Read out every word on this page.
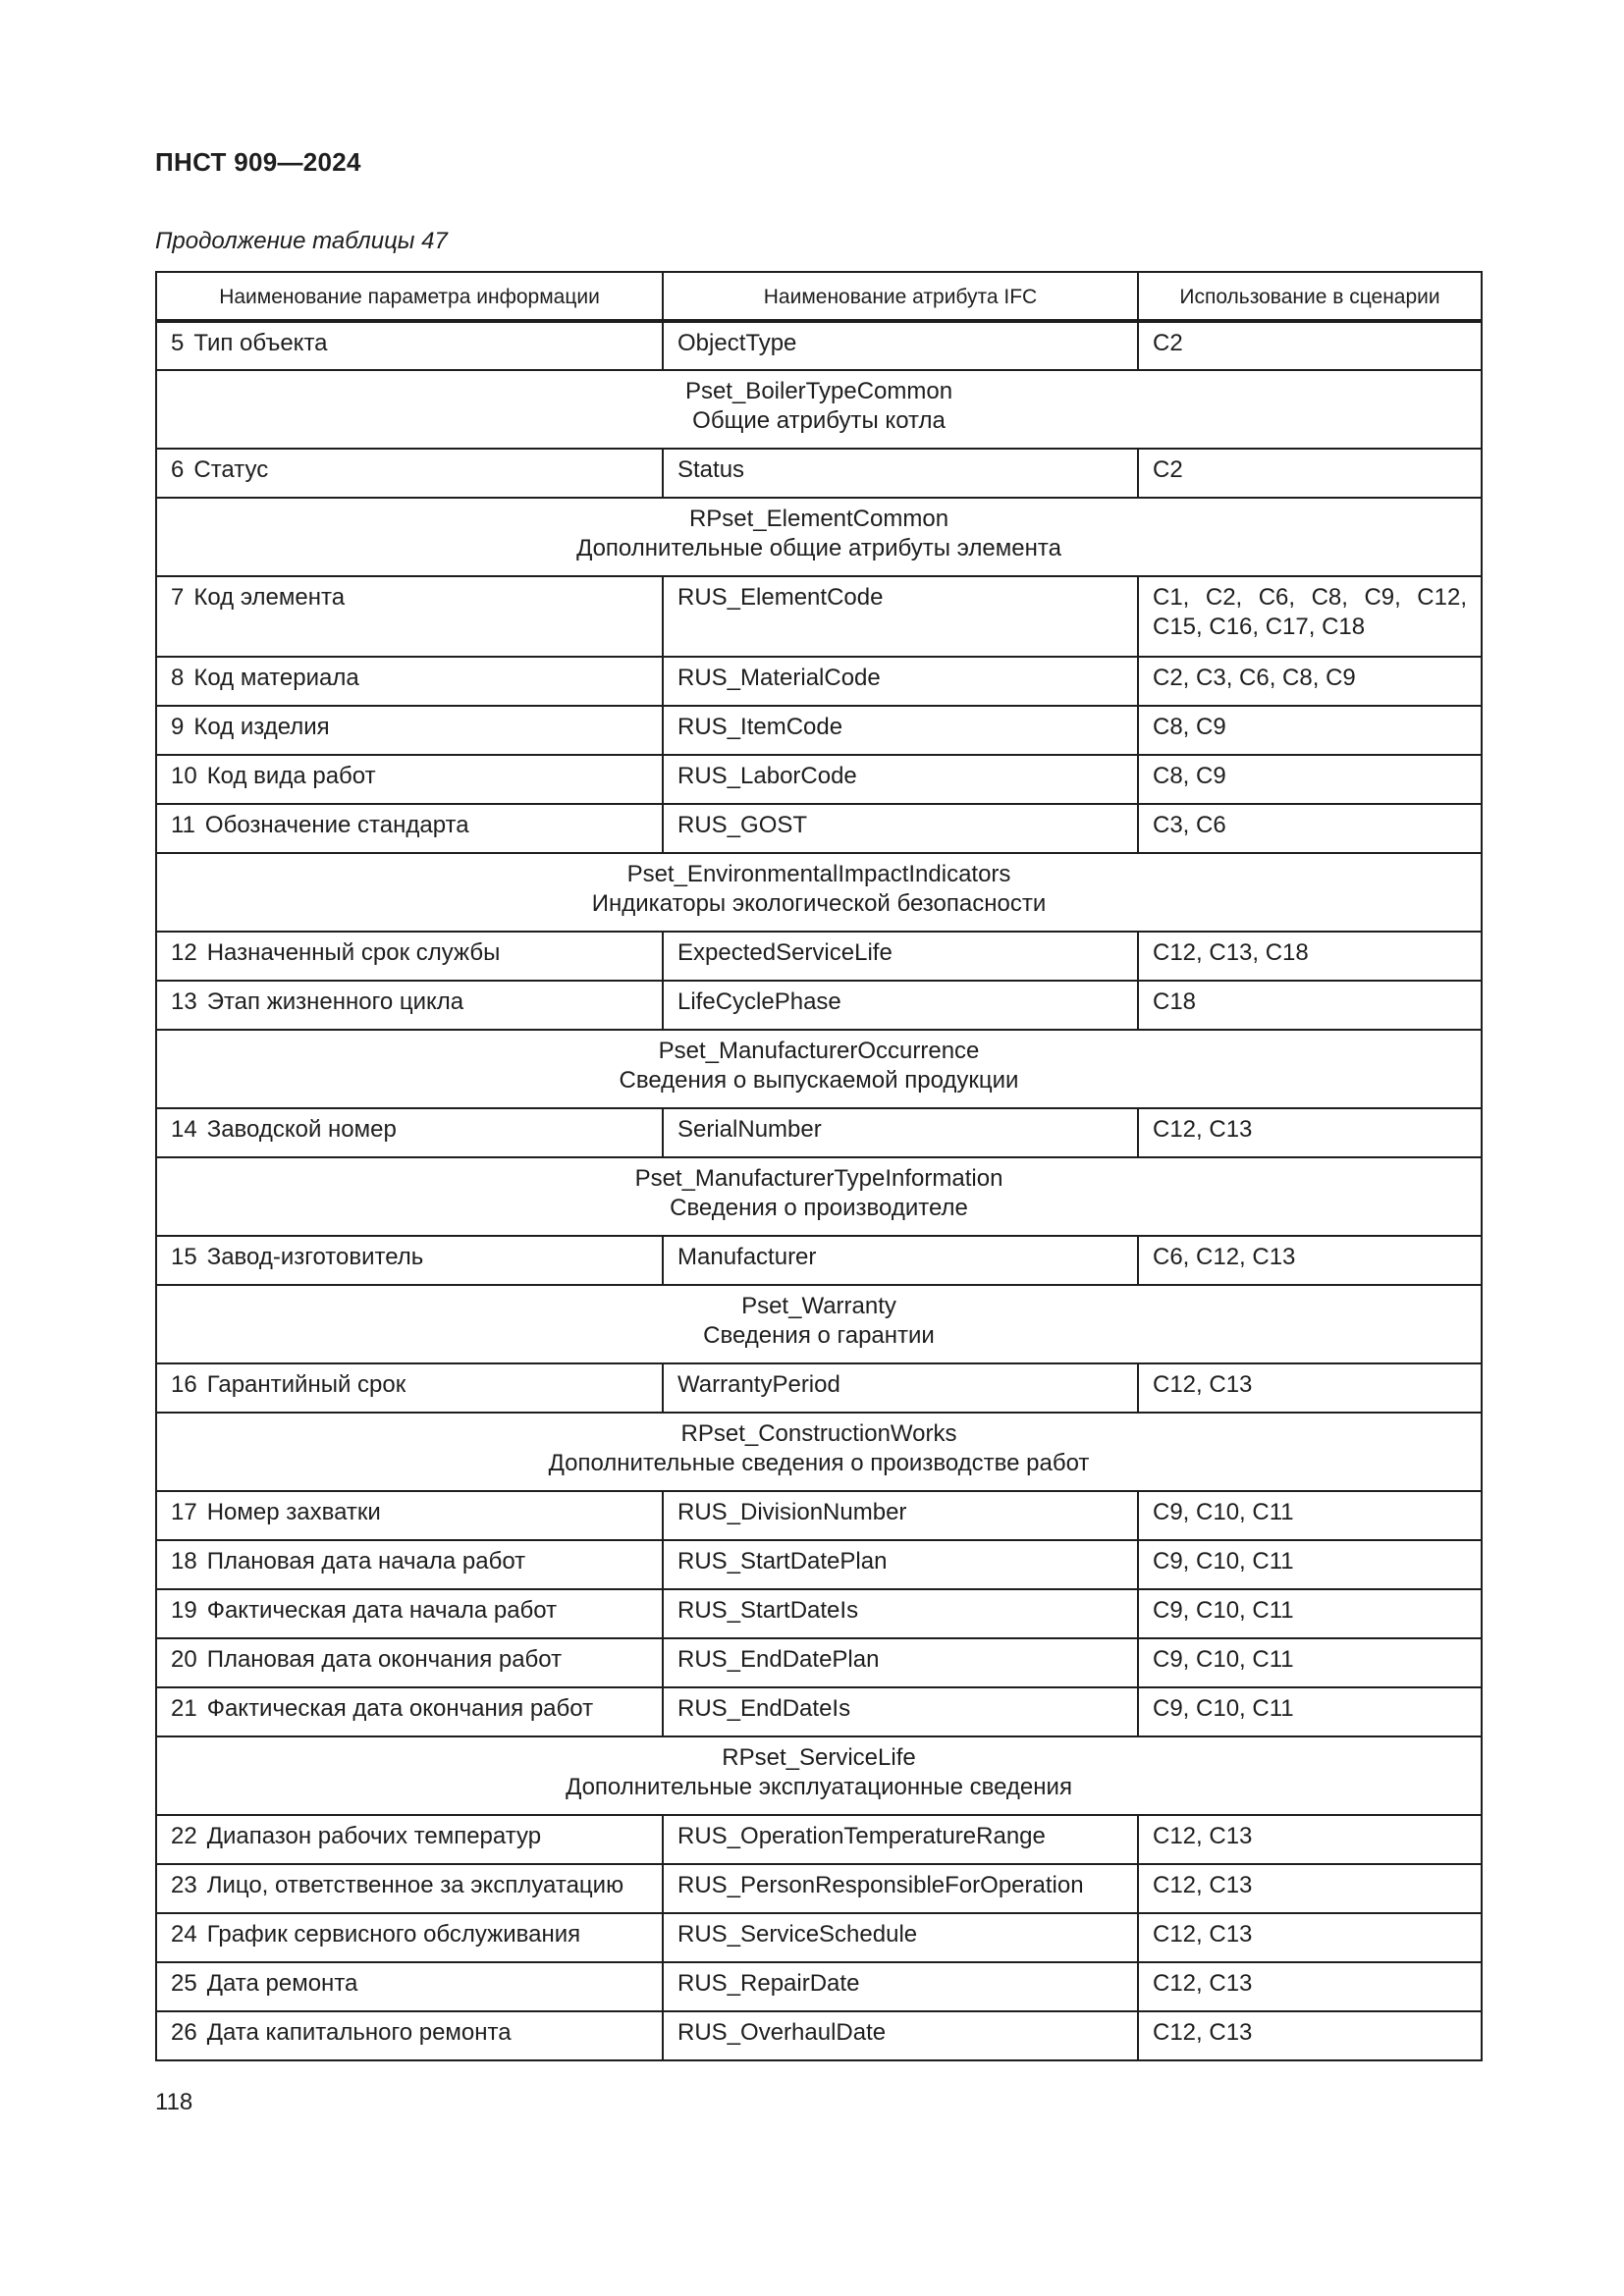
ПНСТ 909—2024
Продолжение таблицы 47
Наименование параметра информации	Наименование атрибута IFC	Использование в сценарии
5 Тип объекта	ObjectType	С2

Pset_BoilerTypeCommon
Общие атрибуты котла		

6 Статус	Status	С2

RPset_ElementCommon
Дополнительные общие атрибуты элемента		

7 Код элемента	RUS_ElementCode	С1, С2, С6, С8, С9, С12,
С15, С16, С17, С18

8 Код материала	RUS_MaterialCode	С2, С3, С6, С8, С9

9 Код изделия	RUS_ItemCode	С8, С9

10 Код вида работ	RUS_LaborCode	С8, С9

11 Обозначение стандарта	RUS_GOST	С3, С6

Pset_EnvironmentalImpactIndicators
Индикаторы экологической безопасности		

12 Назначенный срок службы	ExpectedServiceLife	С12, С13, С18

13 Этап жизненного цикла	LifeCyclePhase	С18

Pset_ManufacturerOccurrence
Сведения о выпускаемой продукции		

14 Заводской номер	SerialNumber	С12, С13

Pset_ManufacturerTypeInformation
Сведения о производителе		

15 Завод-изготовитель	Manufacturer	С6, С12, С13

Pset_Warranty
Сведения о гарантии		

16 Гарантийный срок	WarrantyPeriod	С12, С13

RPset_ConstructionWorks
Дополнительные сведения о производстве работ		

17 Номер захватки	RUS_DivisionNumber	С9, С10, С11

18 Плановая дата начала работ	RUS_StartDatePlan	С9, С10, С11

19 Фактическая дата начала работ	RUS_StartDateIs	С9, С10, С11

20 Плановая дата окончания работ	RUS_EndDatePlan	С9, С10, С11

21 Фактическая дата окончания работ	RUS_EndDateIs	С9, С10, С11

RPset_ServiceLife
Дополнительные эксплуатационные сведения		

22 Диапазон рабочих температур	RUS_OperationTemperatureRange	С12, С13

23 Лицо, ответственное за эксплуатацию	RUS_PersonResponsibleForOperation	С12, С13

24 График сервисного обслуживания	RUS_ServiceSchedule	С12, С13

25 Дата ремонта	RUS_RepairDate	С12, С13

26 Дата капитального ремонта	RUS_OverhaulDate	С12, С13
118
